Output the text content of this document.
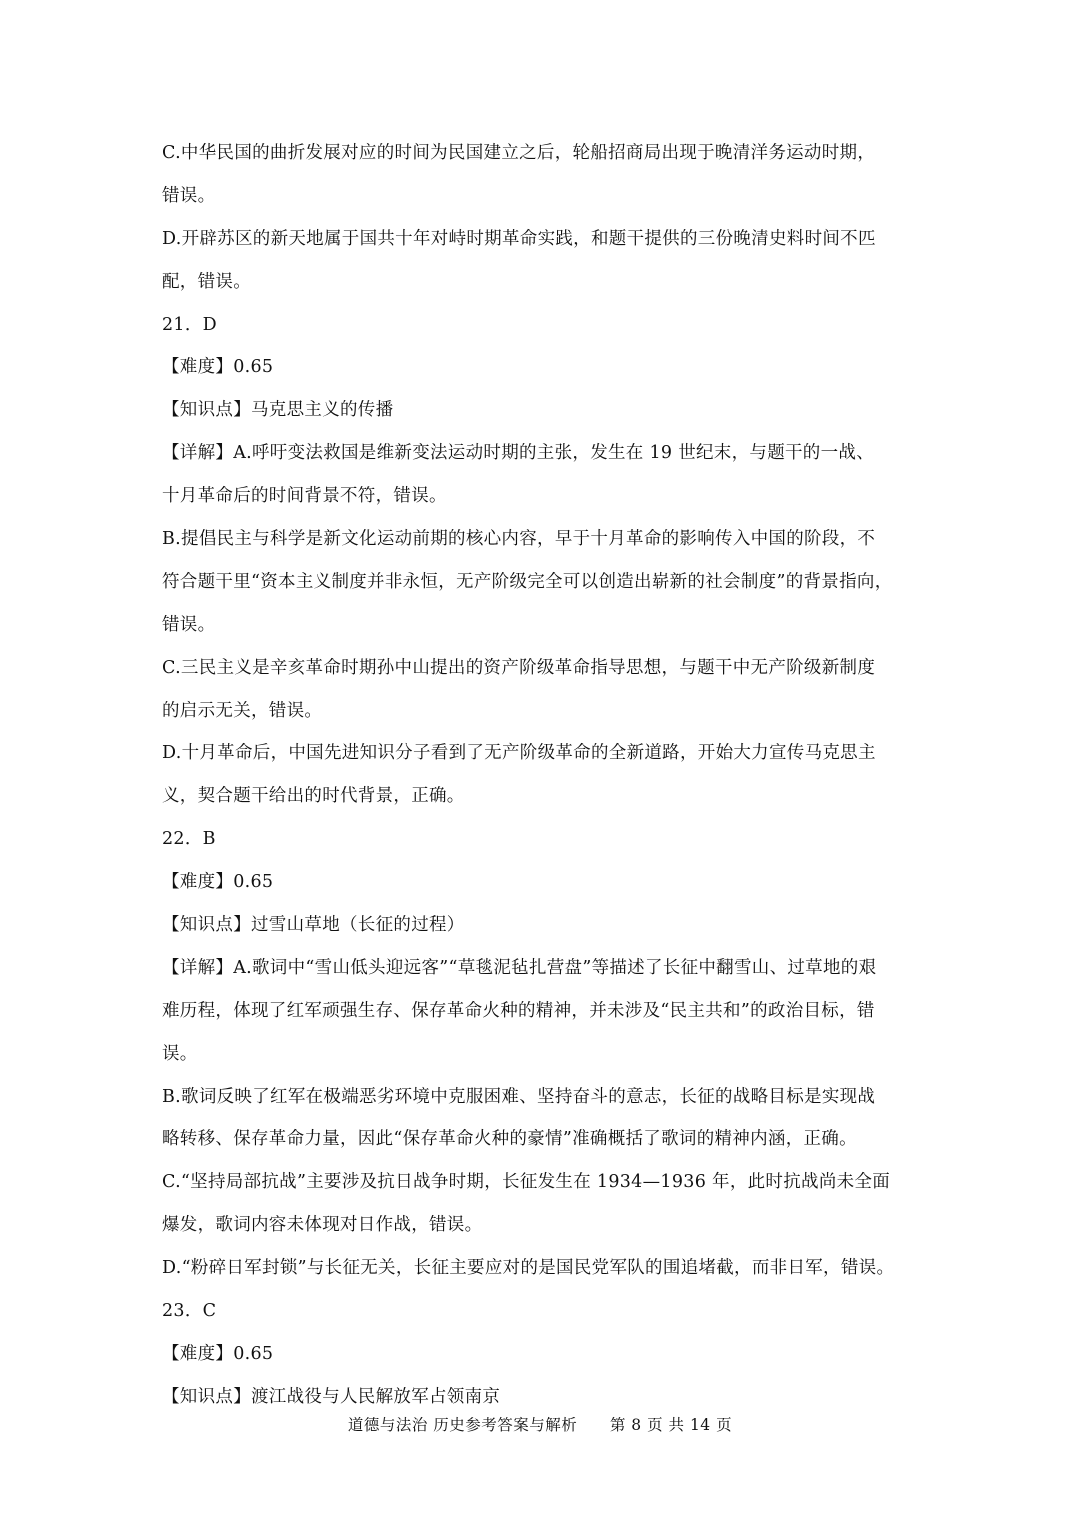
C.中华民国的曲折发展对应的时间为民国建立之后，轮船招商局出现于晚清洋务运动时期，
错误。
D.开辟苏区的新天地属于国共十年对峙时期革命实践，和题干提供的三份晚清史料时间不匹
配，错误。
21．D
【难度】0.65
【知识点】马克思主义的传播
【详解】A.呼吁变法救国是维新变法运动时期的主张，发生在 19 世纪末，与题干的一战、
十月革命后的时间背景不符，错误。
B.提倡民主与科学是新文化运动前期的核心内容，早于十月革命的影响传入中国的阶段，不
符合题干里“资本主义制度并非永恒，无产阶级完全可以创造出崭新的社会制度”的背景指向，
错误。
C.三民主义是辛亥革命时期孙中山提出的资产阶级革命指导思想，与题干中无产阶级新制度
的启示无关，错误。
D.十月革命后，中国先进知识分子看到了无产阶级革命的全新道路，开始大力宣传马克思主
义，契合题干给出的时代背景，正确。
22．B
【难度】0.65
【知识点】过雪山草地（长征的过程）
【详解】A.歌词中“雪山低头迎远客”“草毯泥毡扎营盘”等描述了长征中翻雪山、过草地的艰
难历程，体现了红军顽强生存、保存革命火种的精神，并未涉及“民主共和”的政治目标，错
误。
B.歌词反映了红军在极端恶劣环境中克服困难、坚持奋斗的意志，长征的战略目标是实现战
略转移、保存革命力量，因此“保存革命火种的豪情”准确概括了歌词的精神内涵，正确。
C.“坚持局部抗战”主要涉及抗日战争时期，长征发生在 1934—1936 年，此时抗战尚未全面
爆发，歌词内容未体现对日作战，错误。
D.“粉碎日军封锁”与长征无关，长征主要应对的是国民党军队的围追堵截，而非日军，错误。
23．C
【难度】0.65
【知识点】渡江战役与人民解放军占领南京
道德与法治 历史参考答案与解析 第 8 页 共 14 页
